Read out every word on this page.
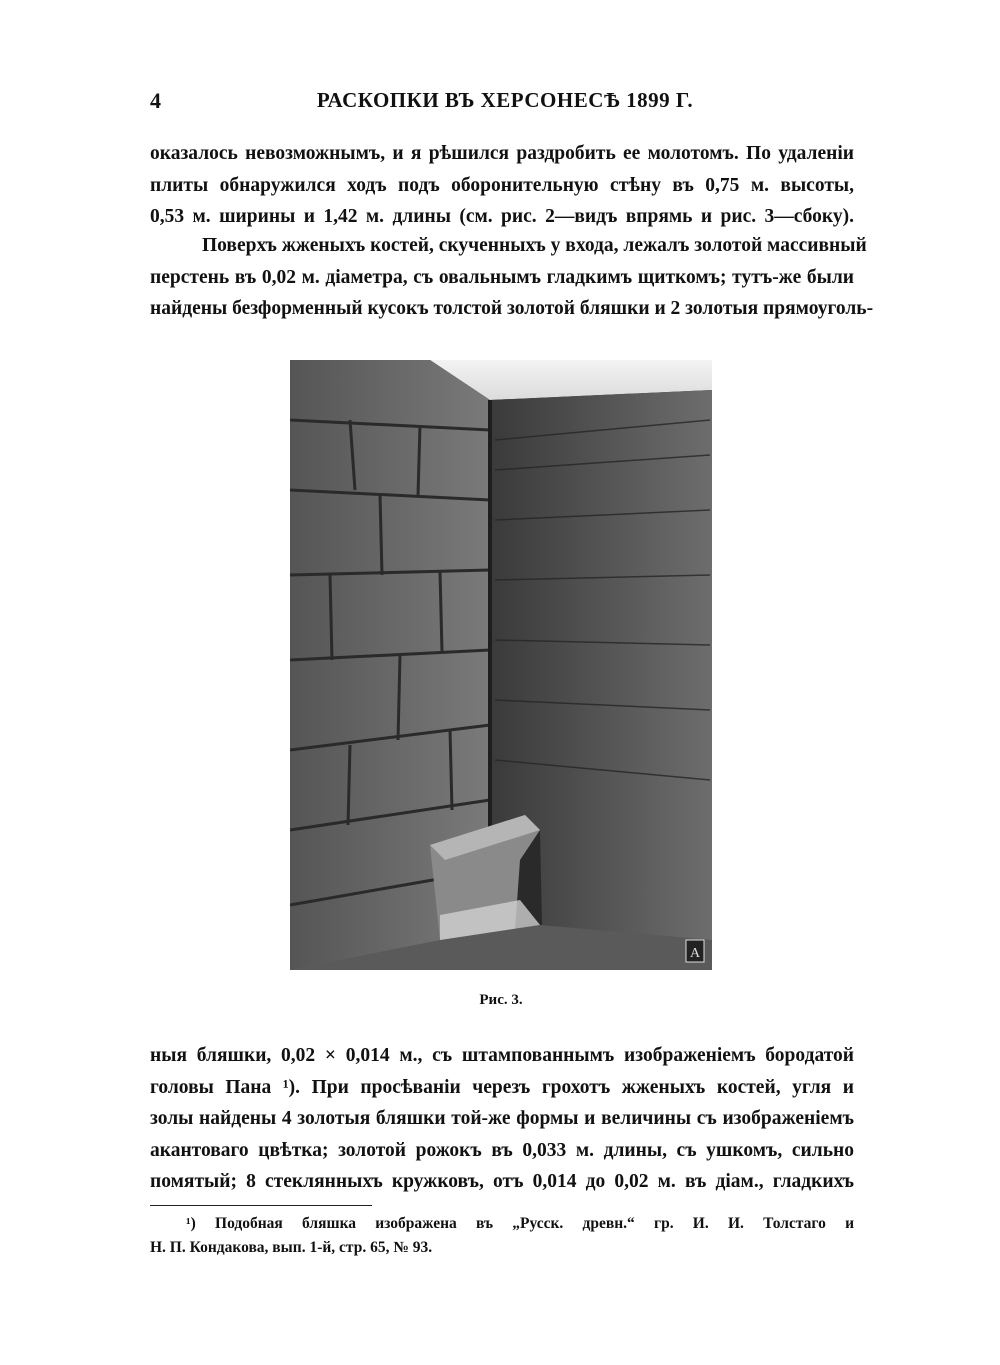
4	РАСКОПКИ ВЪ ХЕРСОНЕСѢ 1899 Г.
оказалось невозможнымъ, и я рѣшился раздробить ее молотомъ. По удаленіи
плиты обнаружился ходъ подъ оборонительную стѣну въ 0,75 м. высоты,
0,53 м. ширины и 1,42 м. длины (см. рис. 2—видъ впрямь и рис. 3—сбоку).
Поверхъ жженыхъ костей, скученныхъ у входа, лежалъ золотой массивный
перстень въ 0,02 м. діаметра, съ овальнымъ гладкимъ щиткомъ; тутъ-же были
найдены безформенный кусокъ толстой золотой бляшки и 2 золотыя прямоуголь-
A
Рис. 3.
ныя бляшки, 0,02 × 0,014 м., съ штампованнымъ изображеніемъ бородатой
головы Пана ¹). При просѣваніи черезъ грохотъ жженыхъ костей, угля и
золы найдены 4 золотыя бляшки той-же формы и величины съ изображеніемъ
акантоваго цвѣтка; золотой рожокъ въ 0,033 м. длины, съ ушкомъ, сильно
помятый; 8 стеклянныхъ кружковъ, отъ 0,014 до 0,02 м. въ діам., гладкихъ
¹) Подобная бляшка изображена въ „Русск. древн.“ гр. И. И. Толстаго и
Н. П. Кондакова, вып. 1-й, стр. 65, № 93.
